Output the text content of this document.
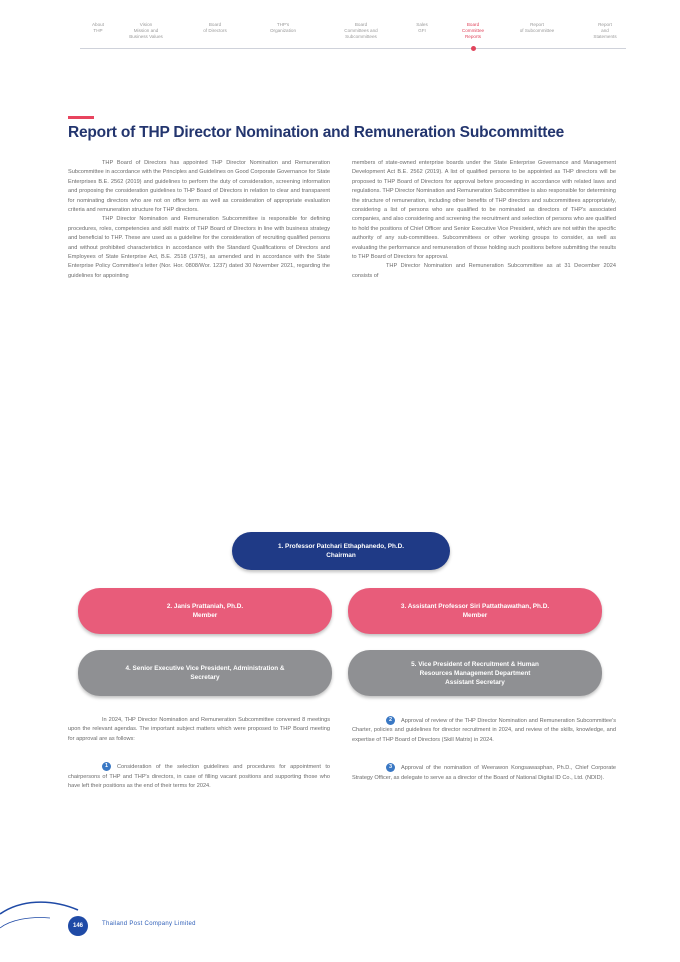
About
THP
Vision
Mission and
Business Values
Board
of Directors
THP's
Organization
Board
Committees and
Subcommittees
Sales
GFI
Board
Committee
Reports
Report
of Subcommittee
Report
and
Statements
Report of THP Director Nomination and Remuneration Subcommittee

THP Board of Directors has appointed THP Director Nomination and Remuneration Subcommittee in accordance with the Principles and Guidelines on Good Corporate Governance for State Enterprises B.E. 2562 (2019) and guidelines to perform the duty of consideration, screening information and proposing the consideration guidelines to THP Board of Directors in relation to clear and transparent for nominating directors who are not on office term as well as consideration of appropriate evaluation criteria and remuneration structure for THP directors.

THP Director Nomination and Remuneration Subcommittee is responsible for defining procedures, roles, competencies and skill matrix of THP Board of Directors in line with business strategy and beneficial to THP. These are used as a guideline for the consideration of recruiting qualified persons and without prohibited characteristics in accordance with the Standard Qualifications of Directors and Employees of State Enterprise Act, B.E. 2518 (1975), as amended and in accordance with the State Enterprise Policy Committee's letter (Nor. Hor. 0808/Wor. 1237) dated 30 November 2021, regarding the guidelines for appointing

members of state-owned enterprise boards under the State Enterprise Governance and Management Development Act B.E. 2562 (2019). A list of qualified persons to be appointed as THP directors will be proposed to THP Board of Directors for approval before proceeding in accordance with related laws and regulations. THP Director Nomination and Remuneration Subcommittee is also responsible for determining the structure of remuneration, including other benefits of THP directors and subcommittees appropriately, considering a list of persons who are qualified to be nominated as directors of THP's associated companies, and also considering and screening the recruitment and selection of persons who are qualified to hold the positions of Chief Officer and Senior Executive Vice President, which are not within the specific authority of any sub-committees. Subcommittees or other working groups to consider, as well as evaluating the performance and remuneration of those holding such positions before submitting the results to THP Board of Directors for approval.

THP Director Nomination and Remuneration Subcommittee as at 31 December 2024 consists of

1. Professor Patchari Ethaphanedo, Ph.D.
Chairman
2. Janis Prattaniah, Ph.D.
Member
3. Assistant Professor Siri Pattathawathan, Ph.D.
Member
4. Senior Executive Vice President, Administration &
Secretary
5. Vice President of Recruitment & Human
Resources Management Department
Assistant Secretary

In 2024, THP Director Nomination and Remuneration Subcommittee convened 8 meetings upon the relevant agendas. The important subject matters which were proposed to THP Board meeting for approval are as follows:

1 Consideration of the selection guidelines and procedures for appointment to chairpersons of THP and THP's directors, in case of filling vacant positions and supporting those who have left their positions as the end of their terms for 2024.

2 Approval of review of the THP Director Nomination and Remuneration Subcommittee's Charter, policies and guidelines for director recruitment in 2024, and review of the skills, knowledge, and expertise of THP Board of Directors (Skill Matrix) in 2024.

3 Approval of the nomination of Weerawon Kongsawasphan, Ph.D., Chief Corporate Strategy Officer, as delegate to serve as a director of the Board of National Digital ID Co., Ltd. (NDID).

146	Thailand Post Company Limited
